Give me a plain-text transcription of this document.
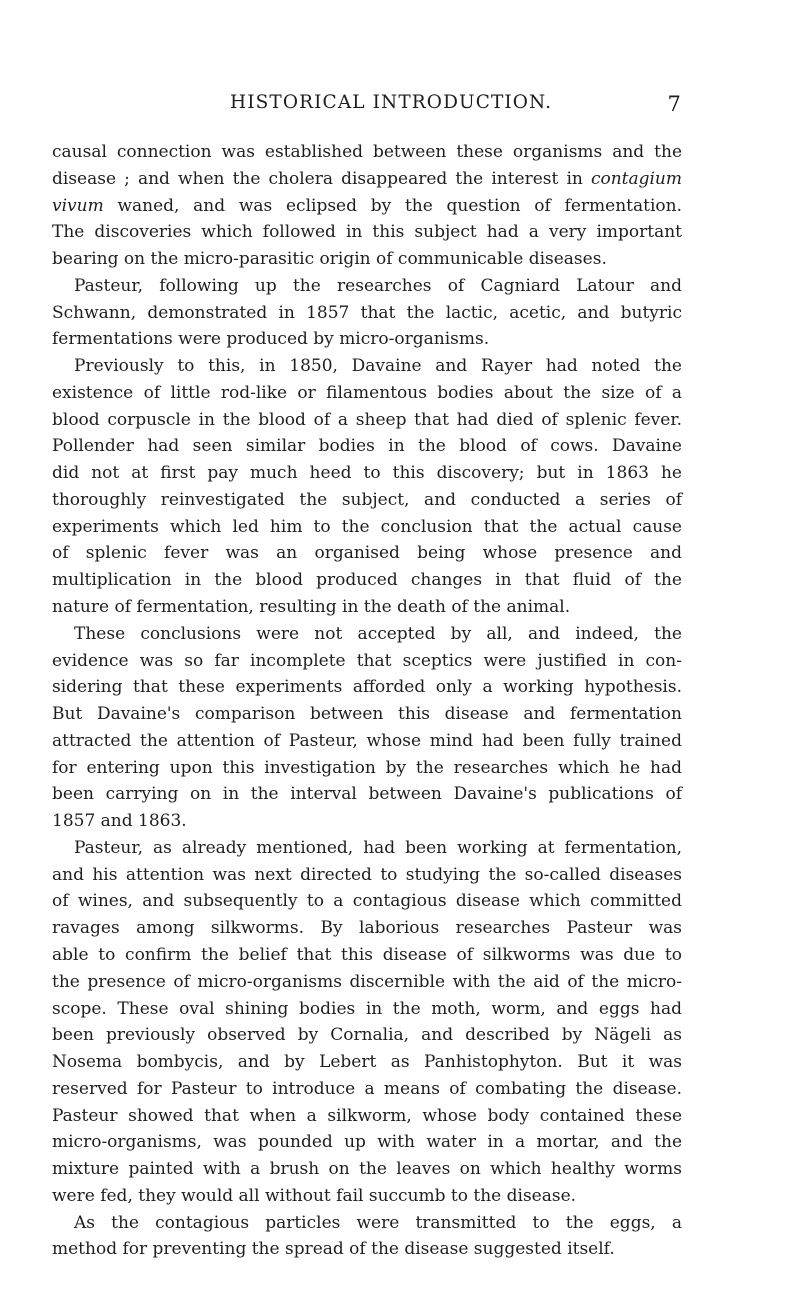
HISTORICAL INTRODUCTION.	7
causal connection was established between these organisms and the
disease ; and when the cholera disappeared the interest in contagium
vivum waned, and was eclipsed by the question of fermentation.
The discoveries which followed in this subject had a very important
bearing on the micro-parasitic origin of communicable diseases.
Pasteur, following up the researches of Cagniard Latour and
Schwann, demonstrated in 1857 that the lactic, acetic, and butyric
fermentations were produced by micro-organisms.
Previously to this, in 1850, Davaine and Rayer had noted the
existence of little rod-like or filamentous bodies about the size of a
blood corpuscle in the blood of a sheep that had died of splenic fever.
Pollender had seen similar bodies in the blood of cows. Davaine
did not at first pay much heed to this discovery; but in 1863 he
thoroughly reinvestigated the subject, and conducted a series of
experiments which led him to the conclusion that the actual cause
of splenic fever was an organised being whose presence and
multiplication in the blood produced changes in that fluid of the
nature of fermentation, resulting in the death of the animal.
These conclusions were not accepted by all, and indeed, the
evidence was so far incomplete that sceptics were justified in con-
sidering that these experiments afforded only a working hypothesis.
But Davaine's comparison between this disease and fermentation
attracted the attention of Pasteur, whose mind had been fully trained
for entering upon this investigation by the researches which he had
been carrying on in the interval between Davaine's publications of
1857 and 1863.
Pasteur, as already mentioned, had been working at fermentation,
and his attention was next directed to studying the so-called diseases
of wines, and subsequently to a contagious disease which committed
ravages among silkworms. By laborious researches Pasteur was
able to confirm the belief that this disease of silkworms was due to
the presence of micro-organisms discernible with the aid of the micro-
scope. These oval shining bodies in the moth, worm, and eggs had
been previously observed by Cornalia, and described by Nägeli as
Nosema bombycis, and by Lebert as Panhistophyton. But it was
reserved for Pasteur to introduce a means of combating the disease.
Pasteur showed that when a silkworm, whose body contained these
micro-organisms, was pounded up with water in a mortar, and the
mixture painted with a brush on the leaves on which healthy worms
were fed, they would all without fail succumb to the disease.
As the contagious particles were transmitted to the eggs, a
method for preventing the spread of the disease suggested itself.
